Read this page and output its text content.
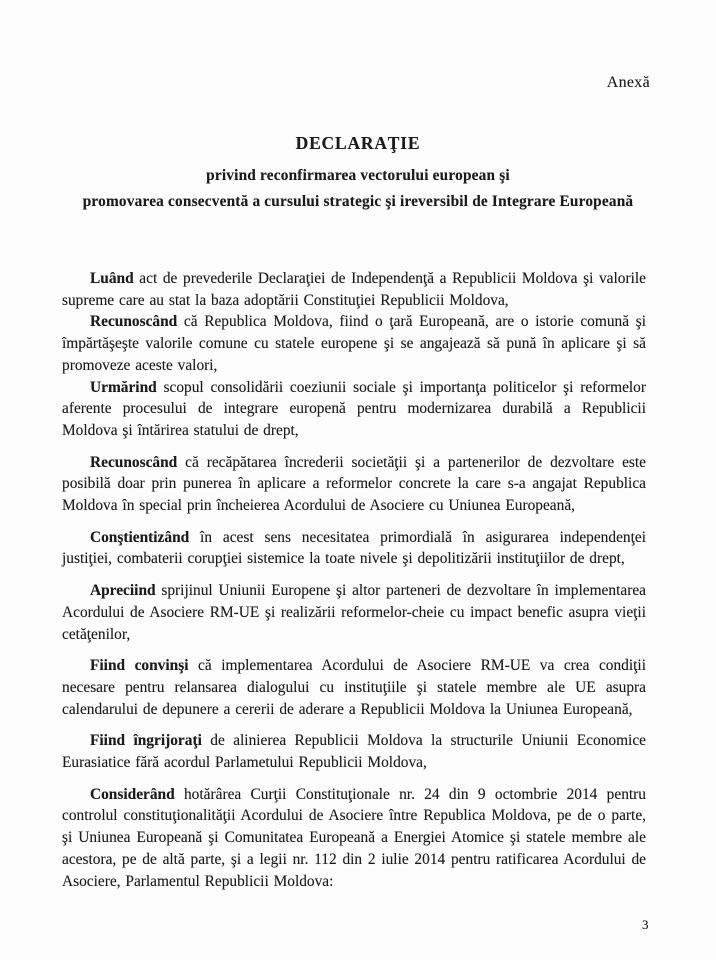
Anexă
DECLARAŢIE
privind reconfirmarea vectorului european şi
promovarea consecventă a cursului strategic şi ireversibil de Integrare Europeană

Luând act de prevederile Declaraţiei de Independenţă a Republicii Moldova şi valorile supreme care au stat la baza adoptării Constituţiei Republicii Moldova,

Recunoscând că Republica Moldova, fiind o ţară Europeană, are o istorie comună şi împărtăşeşte valorile comune cu statele europene şi se angajează să pună în aplicare şi să promoveze aceste valori,

Urmărind scopul consolidării coeziunii sociale şi importanţa politicelor şi reformelor aferente procesului de integrare europenă pentru modernizarea durabilă a Republicii Moldova şi întărirea statului de drept,

Recunoscând că recăpătarea încrederii societăţii şi a partenerilor de dezvoltare este posibilă doar prin punerea în aplicare a reformelor concrete la care s-a angajat Republica Moldova în special prin încheierea Acordului de Asociere cu Uniunea Europeană,

Conştientizând în acest sens necesitatea primordială în asigurarea independenţei justiţiei, combaterii corupţiei sistemice la toate nivele şi depolitizării instituţiilor de drept,

Apreciind sprijinul Uniunii Europene şi altor parteneri de dezvoltare în implementarea Acordului de Asociere RM-UE şi realizării reformelor-cheie cu impact benefic asupra vieţii cetăţenilor,

Fiind convinşi că implementarea Acordului de Asociere RM-UE va crea condiţii necesare pentru relansarea dialogului cu instituţiile şi statele membre ale UE asupra calendarului de depunere a cererii de aderare a Republicii Moldova la Uniunea Europeană,

Fiind îngrijoraţi de alinierea Republicii Moldova la structurile Uniunii Economice Eurasiatice fără acordul Parlametului Republicii Moldova,

Considerând hotărârea Curţii Constituţionale nr. 24 din 9 octombrie 2014 pentru controlul constituţionalităţii Acordului de Asociere între Republica Moldova, pe de o parte, şi Uniunea Europeană şi Comunitatea Europeană a Energiei Atomice şi statele membre ale acestora, pe de altă parte, şi a legii nr. 112 din 2 iulie 2014 pentru ratificarea Acordului de Asociere, Parlamentul Republicii Moldova:

3
